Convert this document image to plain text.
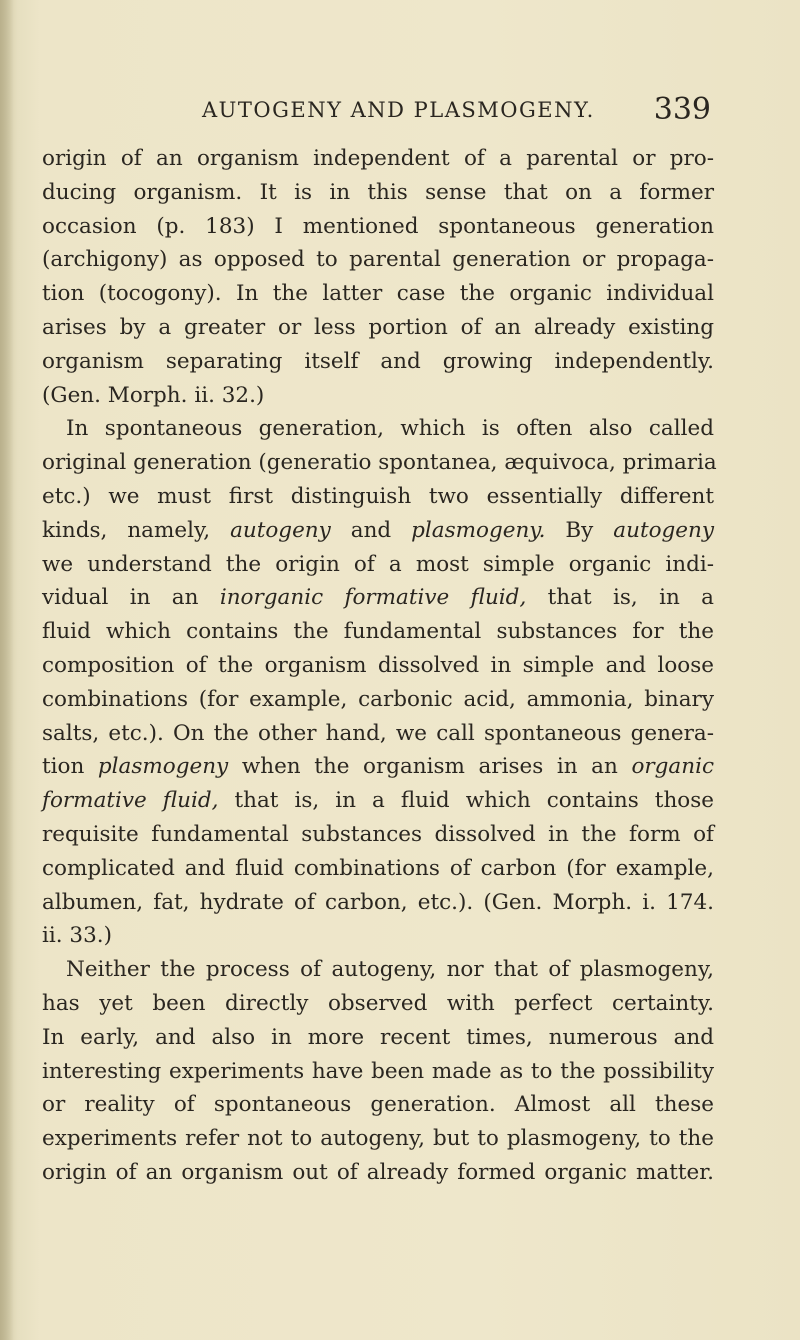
AUTOGENY AND PLASMOGENY. 339
origin of an organism independent of a parental or pro-
ducing organism. It is in this sense that on a former
occasion (p. 183) I mentioned spontaneous generation
(archigony) as opposed to parental generation or propaga-
tion (tocogony). In the latter case the organic individual
arises by a greater or less portion of an already existing
organism separating itself and growing independently.
(Gen. Morph. ii. 32.)
In spontaneous generation, which is often also called
original generation (generatio spontanea, æquivoca, primaria
etc.) we must first distinguish two essentially different
kinds, namely, autogeny and plasmogeny. By autogeny
we understand the origin of a most simple organic indi-
vidual in an inorganic formative fluid, that is, in a
fluid which contains the fundamental substances for the
composition of the organism dissolved in simple and loose
combinations (for example, carbonic acid, ammonia, binary
salts, etc.). On the other hand, we call spontaneous genera-
tion plasmogeny when the organism arises in an organic
formative fluid, that is, in a fluid which contains those
requisite fundamental substances dissolved in the form of
complicated and fluid combinations of carbon (for example,
albumen, fat, hydrate of carbon, etc.). (Gen. Morph. i. 174.
ii. 33.)
Neither the process of autogeny, nor that of plasmogeny,
has yet been directly observed with perfect certainty.
In early, and also in more recent times, numerous and
interesting experiments have been made as to the possibility
or reality of spontaneous generation. Almost all these
experiments refer not to autogeny, but to plasmogeny, to the
origin of an organism out of already formed organic matter.
